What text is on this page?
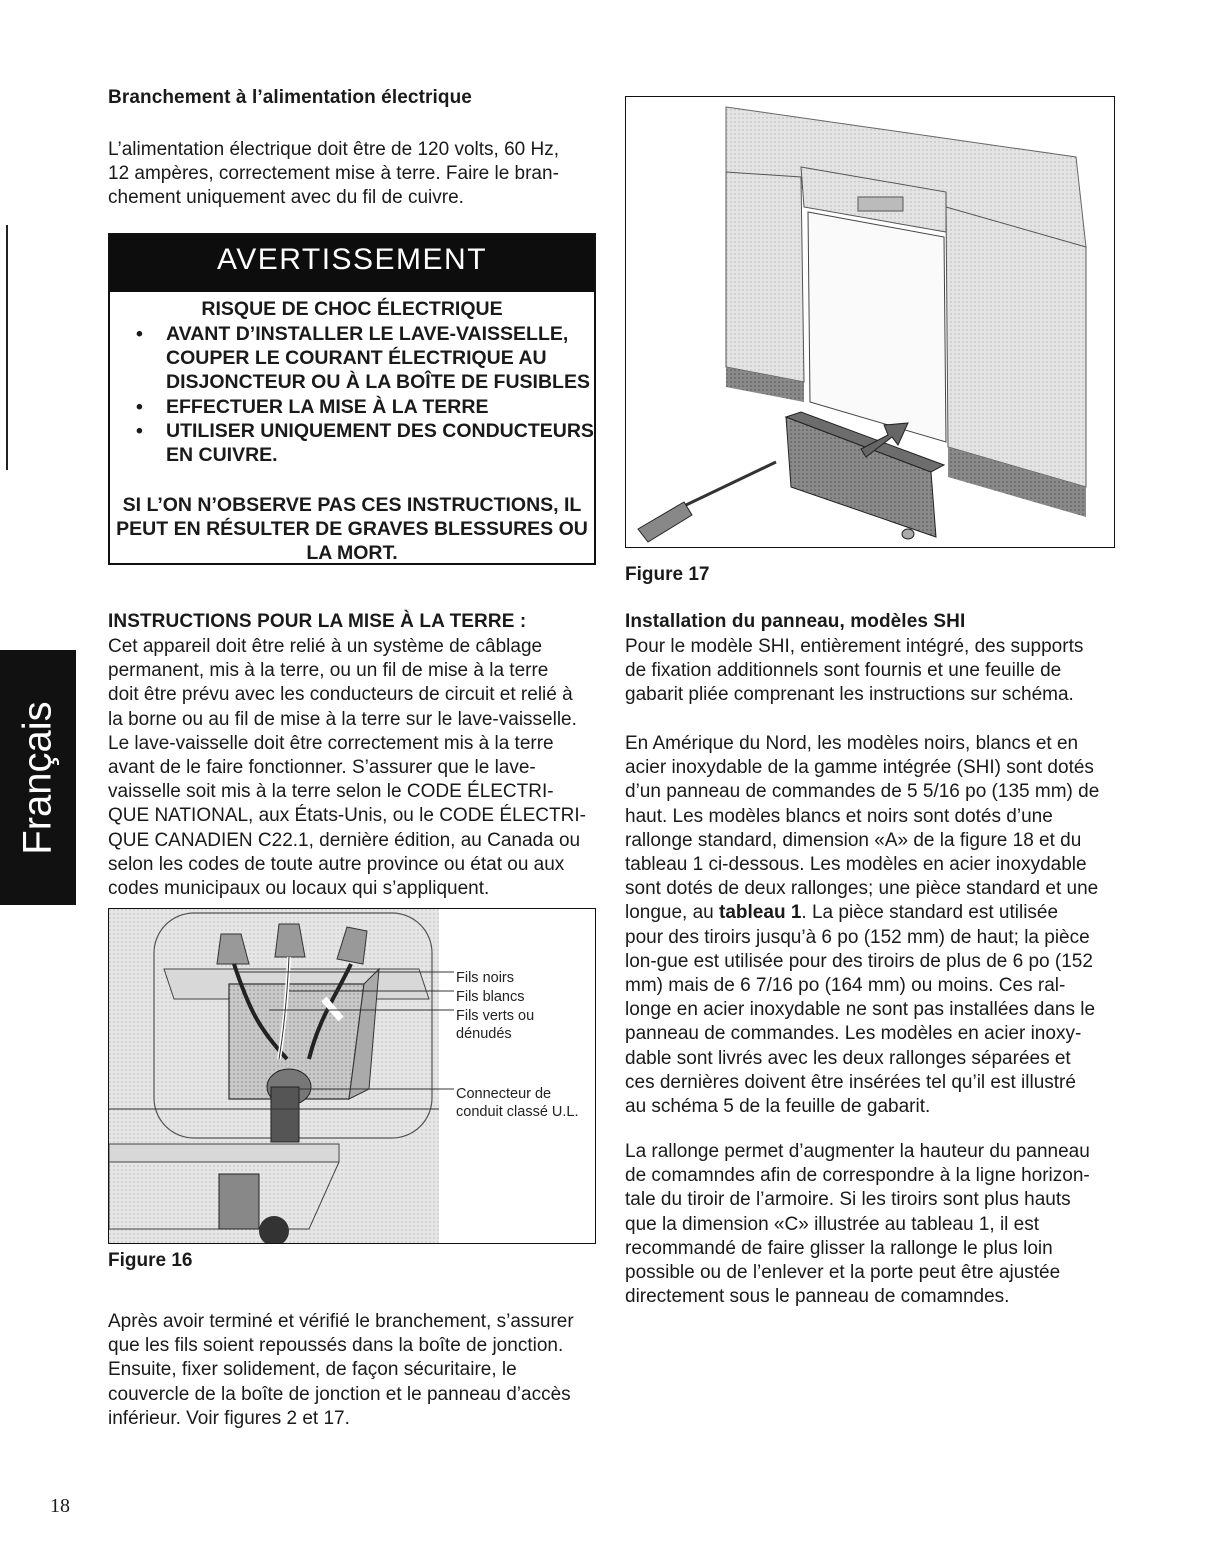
Français
Branchement à l’alimentation électrique

L’alimentation électrique doit être de 120 volts, 60 Hz,

12 ampères, correctement mise à terre. Faire le bran-

chement uniquement avec du fil de cuivre.

AVERTISSEMENT
RISQUE DE CHOC ÉLECTRIQUE
• AVANT D’INSTALLER LE LAVE-VAISSELLE, COUPER LE COURANT ÉLECTRIQUE AU DISJONCTEUR OU À LA BOÎTE DE FUSIBLES
• EFFECTUER LA MISE À LA TERRE
• UTILISER UNIQUEMENT DES CONDUCTEURS EN CUIVRE.
SI L’ON N’OBSERVE PAS CES INSTRUCTIONS, IL PEUT EN RÉSULTER DE GRAVES BLESSURES OU LA MORT.
INSTRUCTIONS POUR LA MISE À LA TERRE :

Cet appareil doit être relié à un système de câblage

permanent, mis à la terre, ou un fil de mise à la terre

doit être prévu avec les conducteurs de circuit et relié à

la borne ou au fil de mise à la terre sur le lave-vaisselle.

Le lave-vaisselle doit être correctement mis à la terre

avant de le faire fonctionner. S’assurer que le lave-

vaisselle soit mis à la terre selon le CODE ÉLECTRI-

QUE NATIONAL, aux États-Unis, ou le CODE ÉLECTRI-

QUE CANADIEN C22.1, dernière édition, au Canada ou

selon les codes de toute autre province ou état ou aux

codes municipaux ou locaux qui s’appliquent.

Fils noirs
Fils blancs
Fils verts ou
dénudés
Connecteur de
conduit classé U.L.
Figure 16

Après avoir terminé et vérifié le branchement, s’assurer

que les fils soient repoussés dans la boîte de jonction.

Ensuite, fixer solidement, de façon sécuritaire, le

couvercle de la boîte de jonction et le panneau d’accès

inférieur. Voir figures 2 et 17.

Figure 17
Installation du panneau, modèles SHI

Pour le modèle SHI, entièrement intégré, des supports

de fixation additionnels sont fournis et une feuille de

gabarit pliée comprenant les instructions sur schéma.

En Amérique du Nord, les modèles noirs, blancs et en

acier inoxydable de la gamme intégrée (SHI) sont dotés

d’un panneau de commandes de 5 5/16 po (135 mm) de

haut. Les modèles blancs et noirs sont dotés d’une

rallonge standard, dimension «A» de la figure 18 et du

tableau 1 ci-dessous. Les modèles en acier inoxydable

sont dotés de deux rallonges; une pièce standard et une

longue, au tableau 1. La pièce standard est utilisée

pour des tiroirs jusqu’à 6 po (152 mm) de haut; la pièce

lon-gue est utilisée pour des tiroirs de plus de 6 po (152

mm) mais de 6 7/16 po (164 mm) ou moins. Ces ral-

longe en acier inoxydable ne sont pas installées dans le

panneau de commandes. Les modèles en acier inoxy-

dable sont livrés avec les deux rallonges séparées et

ces dernières doivent être insérées tel qu’il est illustré

au schéma 5 de la feuille de gabarit.

La rallonge permet d’augmenter la hauteur du panneau

de comamndes afin de correspondre à la ligne horizon-

tale du tiroir de l’armoire. Si les tiroirs sont plus hauts

que la dimension «C» illustrée au tableau 1, il est

recommandé de faire glisser la rallonge le plus loin

possible ou de l’enlever et la porte peut être ajustée

directement sous le panneau de comamndes.

18
